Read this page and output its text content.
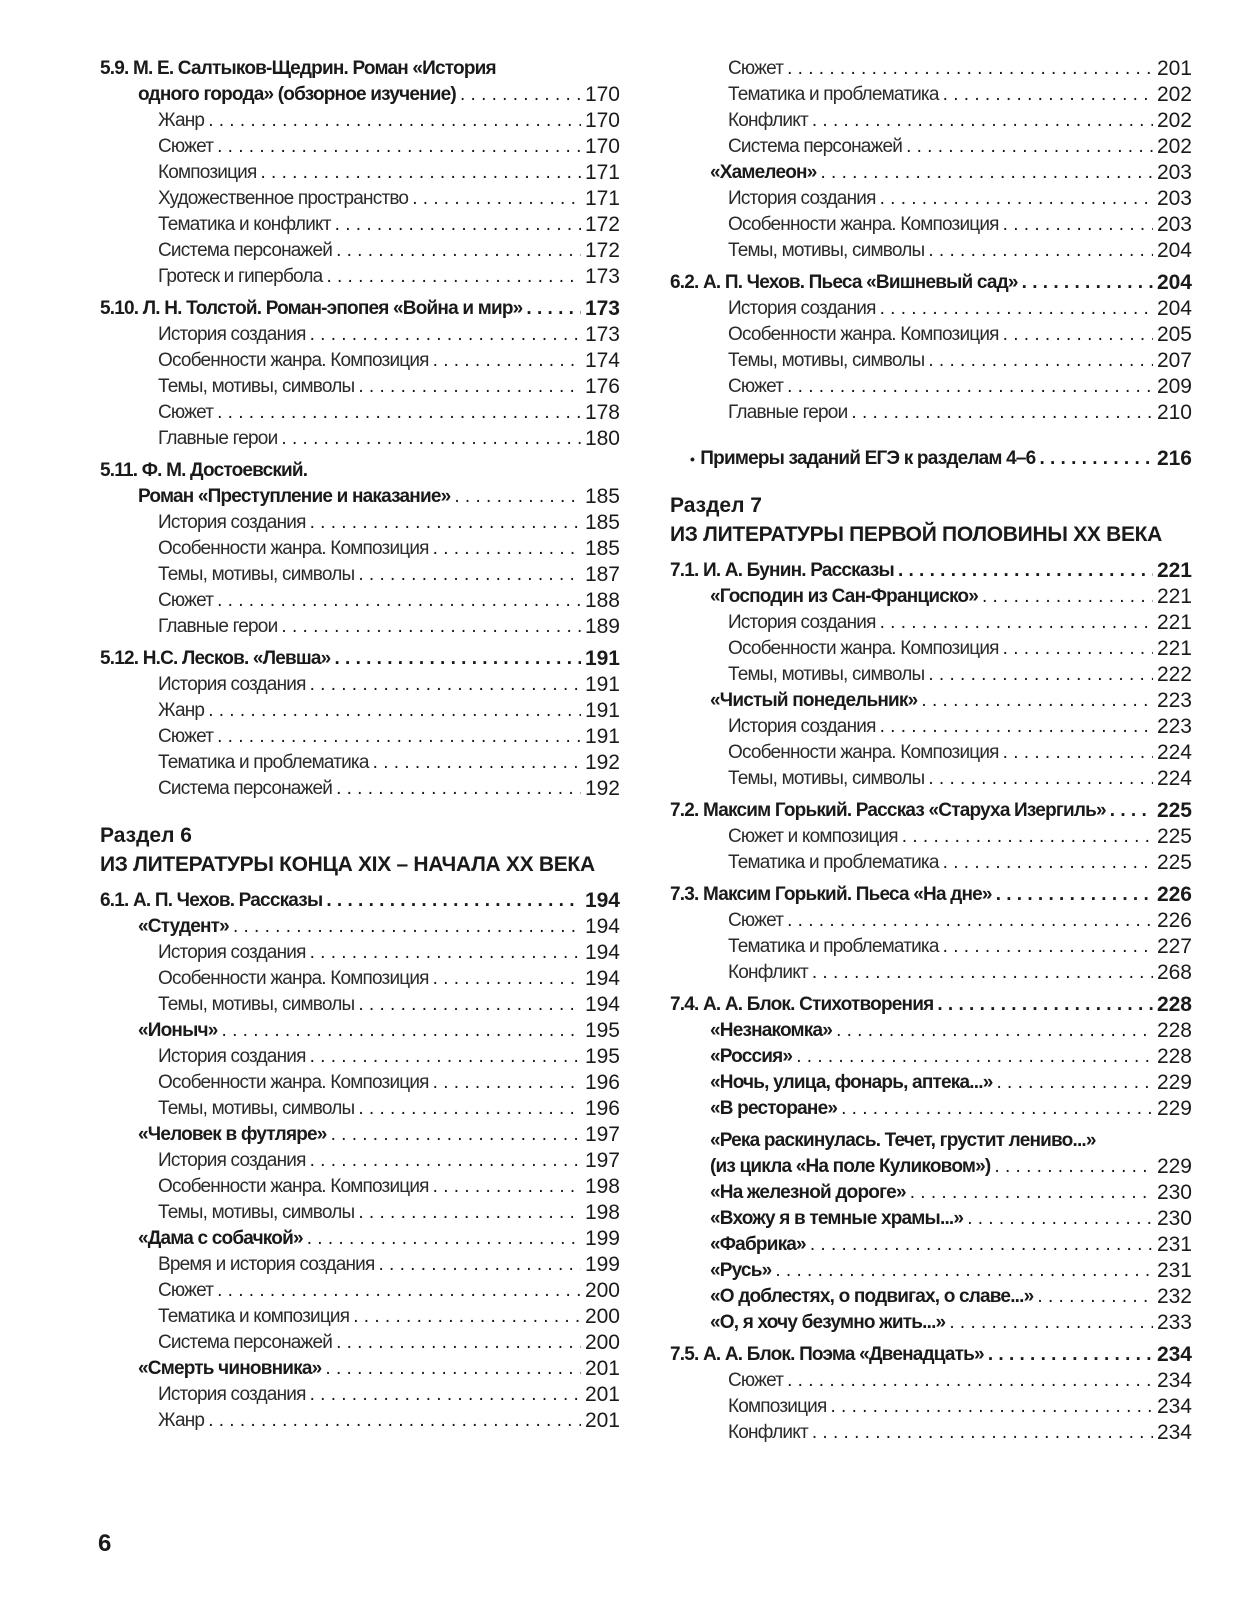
5.9. М. Е. Салтыков-Щедрин. Роман «История
одного города» (обзорное изучение) . . .	170
Жанр . . .	170
Сюжет . . .	170
Композиция . . .	171
Художественное пространство . . .	171
Тематика и конфликт . . .	172
Система персонажей . . .	172
Гротеск и гипербола . . .	173
5.10. Л. Н. Толстой. Роман-эпопея «Война и мир» . . .	173
История создания . . .	173
Особенности жанра. Композиция . . .	174
Темы, мотивы, символы . . .	176
Сюжет . . .	178
Главные герои . . .	180
5.11. Ф. М. Достоевский.
Роман «Преступление и наказание» . . .	185
История создания . . .	185
Особенности жанра. Композиция . . .	185
Темы, мотивы, символы . . .	187
Сюжет . . .	188
Главные герои . . .	189
5.12. Н.С. Лесков. «Левша» . . .	191
История создания . . .	191
Жанр . . .	191
Сюжет . . .	191
Тематика и проблематика . . .	192
Система персонажей . . .	192
Раздел 6
ИЗ ЛИТЕРАТУРЫ КОНЦА XIX – НАЧАЛА XX ВЕКА
6.1. А. П. Чехов. Рассказы . . .	194
«Студент» . . .	194
История создания . . .	194
Особенности жанра. Композиция . . .	194
Темы, мотивы, символы . . .	194
«Ионыч» . . .	195
История создания . . .	195
Особенности жанра. Композиция . . .	196
Темы, мотивы, символы . . .	196
«Человек в футляре» . . .	197
История создания . . .	197
Особенности жанра. Композиция . . .	198
Темы, мотивы, символы . . .	198
«Дама с собачкой» . . .	199
Время и история создания . . .	199
Сюжет . . .	200
Тематика и композиция . . .	200
Система персонажей . . .	200
«Смерть чиновника» . . .	201
История создания . . .	201
Жанр . . .	201
Сюжет . . .	201
Тематика и проблематика . . .	202
Конфликт . . .	202
Система персонажей . . .	202
«Хамелеон» . . .	203
История создания . . .	203
Особенности жанра. Композиция . . .	203
Темы, мотивы, символы . . .	204
6.2. А. П. Чехов. Пьеса «Вишневый сад» . . .	204
История создания . . .	204
Особенности жанра. Композиция . . .	205
Темы, мотивы, символы . . .	207
Сюжет . . .	209
Главные герои . . .	210
• Примеры заданий ЕГЭ к разделам 4–6 . . .	216
Раздел 7
ИЗ ЛИТЕРАТУРЫ ПЕРВОЙ ПОЛОВИНЫ XX ВЕКА
7.1. И. А. Бунин. Рассказы . . .	221
«Господин из Сан-Франциско» . . .	221
История создания . . .	221
Особенности жанра. Композиция . . .	221
Темы, мотивы, символы . . .	222
«Чистый понедельник» . . .	223
История создания . . .	223
Особенности жанра. Композиция . . .	224
Темы, мотивы, символы . . .	224
7.2. Максим Горький. Рассказ «Старуха Изергиль» . . . 225
Сюжет и композиция . . .	225
Тематика и проблематика . . .	225
7.3. Максим Горький. Пьеса «На дне» . . .	226
Сюжет . . .	226
Тематика и проблематика . . .	227
Конфликт . . .	268
7.4. А. А. Блок. Стихотворения . . .	228
«Незнакомка» . . .	228
«Россия» . . .	228
«Ночь, улица, фонарь, аптека...» . . .	229
«В ресторане» . . .	229
«Река раскинулась. Течет, грустит лениво...»
(из цикла «На поле Куликовом») . . .	229
«На железной дороге» . . .	230
«Вхожу я в темные храмы...» . . .	230
«Фабрика» . . .	231
«Русь» . . .	231
«О доблестях, о подвигах, о славе...» . . .	232
«О, я хочу безумно жить...» . . .	233
7.5. А. А. Блок. Поэма «Двенадцать» . . .	234
Сюжет . . .	234
Композиция . . .	234
Конфликт . . .	234
6
